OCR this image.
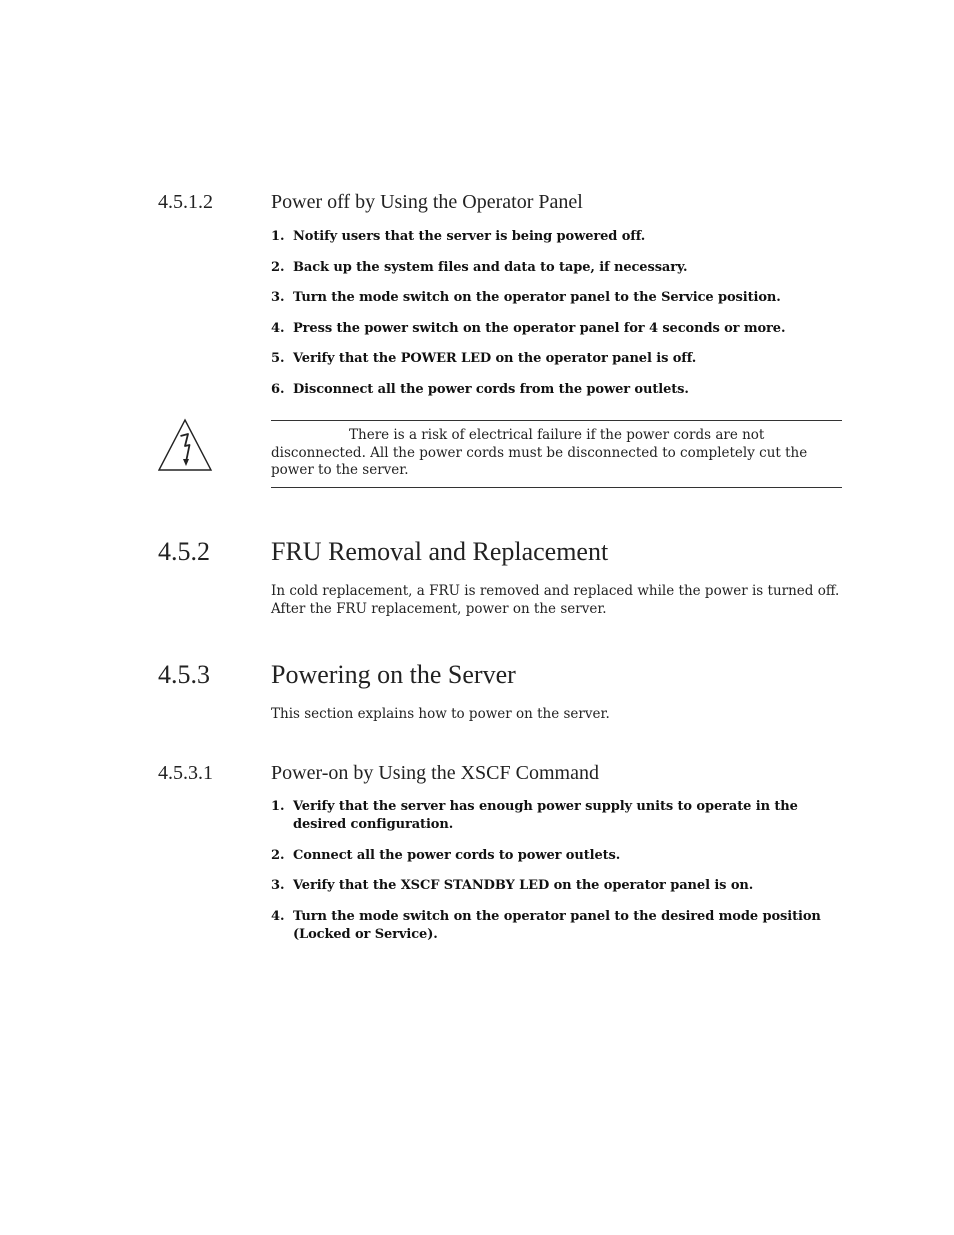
4.5.1.2	Power off by Using the Operator Panel
1. Notify users that the server is being powered off.
2. Back up the system files and data to tape, if necessary.
3. Turn the mode switch on the operator panel to the Service position.
4. Press the power switch on the operator panel for 4 seconds or more.
5. Verify that the POWER LED on the operator panel is off.
6. Disconnect all the power cords from the power outlets.
There is a risk of electrical failure if the power cords are not disconnected. All the power cords must be disconnected to completely cut the power to the server.
4.5.2 FRU Removal and Replacement
In cold replacement, a FRU is removed and replaced while the power is turned off. After the FRU replacement, power on the server.
4.5.3 Powering on the Server
This section explains how to power on the server.
4.5.3.1	Power-on by Using the XSCF Command
1. Verify that the server has enough power supply units to operate in the desired configuration.
2. Connect all the power cords to power outlets.
3. Verify that the XSCF STANDBY LED on the operator panel is on.
4. Turn the mode switch on the operator panel to the desired mode position (Locked or Service).
